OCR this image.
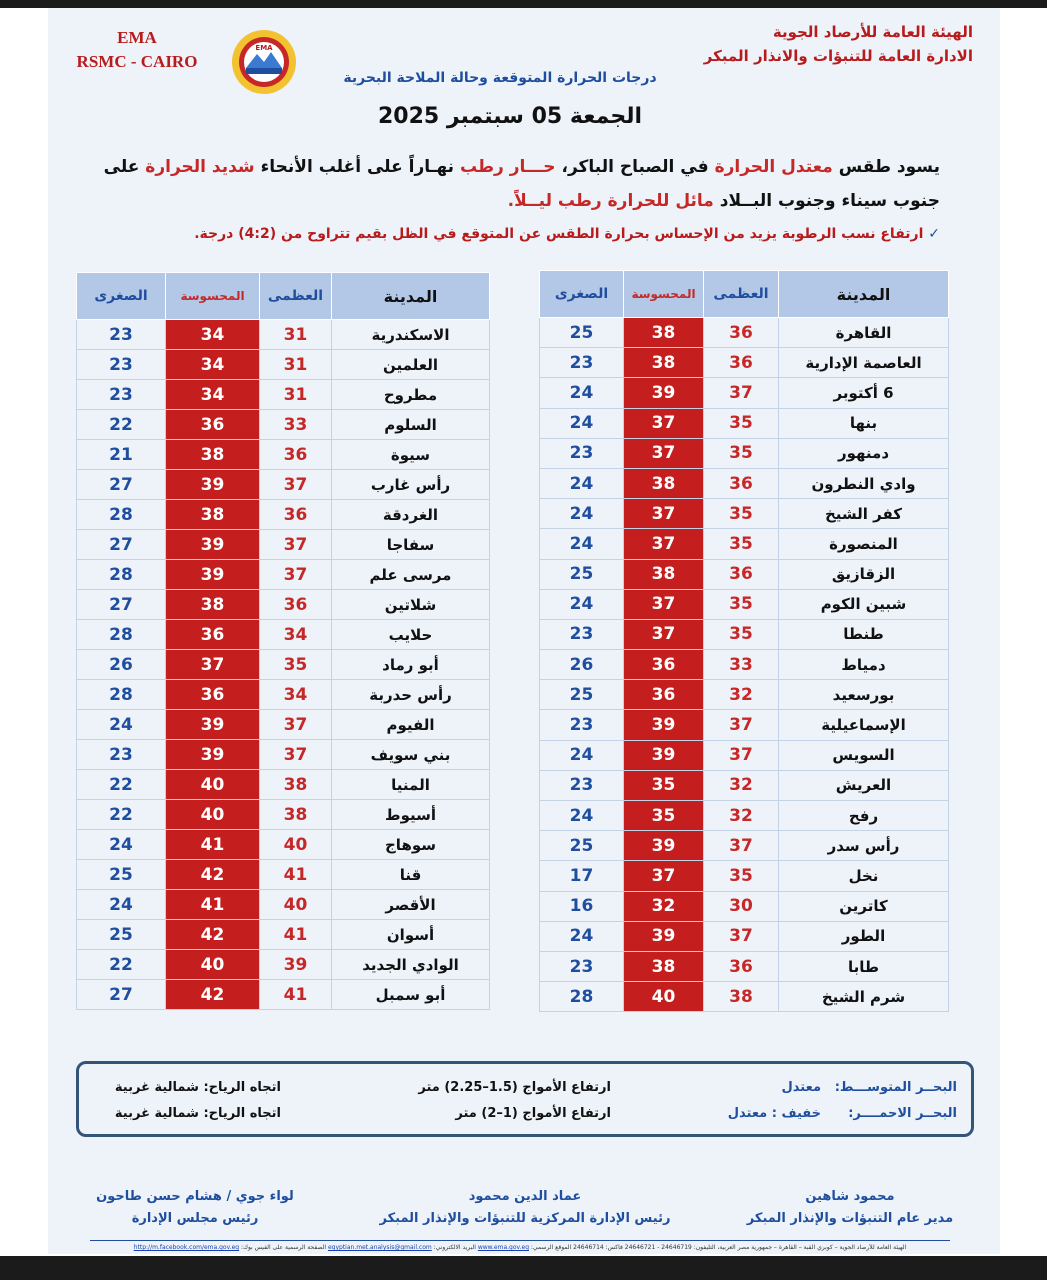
EMA
RSMC - CAIRO
EMA
الهيئة العامة للأرصاد الجوية
الادارة العامة للتنبؤات والانذار المبكر
درجات الحرارة المتوقعة وحالة الملاحة البحرية
الجمعة 05 سبتمبر 2025
يسود طقس معتدل الحرارة في الصباح الباكر، حـــار رطب نهـاراً على أغلب الأنحاء شديد الحرارة على جنوب سيناء وجنوب البــلاد مائل للحرارة رطب ليــلاً.
✓ ارتفاع نسب الرطوبة يزيد من الإحساس بحرارة الطقس عن المتوقع في الظل بقيم تتراوح من (4:2) درجة.
المدينة	العظمى	المحسوسة	الصغرى
القاهرة	36	38	25
العاصمة الإدارية	36	38	23
6 أكتوبر	37	39	24
بنها	35	37	24
دمنهور	35	37	23
وادي النطرون	36	38	24
كفر الشيخ	35	37	24
المنصورة	35	37	24
الزقازيق	36	38	25
شبين الكوم	35	37	24
طنطا	35	37	23
دمياط	33	36	26
بورسعيد	32	36	25
الإسماعيلية	37	39	23
السويس	37	39	24
العريش	32	35	23
رفح	32	35	24
رأس سدر	37	39	25
نخل	35	37	17
كاترين	30	32	16
الطور	37	39	24
طابا	36	38	23
شرم الشيخ	38	40	28
المدينة	العظمى	المحسوسة	الصغرى
الاسكندرية	31	34	23
العلمين	31	34	23
مطروح	31	34	23
السلوم	33	36	22
سيوة	36	38	21
رأس غارب	37	39	27
الغردقة	36	38	28
سفاجا	37	39	27
مرسى علم	37	39	28
شلاتين	36	38	27
حلايب	34	36	28
أبو رماد	35	37	26
رأس حدربة	34	36	28
الفيوم	37	39	24
بني سويف	37	39	23
المنيا	38	40	22
أسيوط	38	40	22
سوهاج	40	41	24
قنا	41	42	25
الأقصر	40	41	24
أسوان	41	42	25
الوادي الجديد	39	40	22
أبو سمبل	41	42	27
البحــر المتوســـط:
معتدل
ارتفاع الأمواج (1.5–2.25) متر
اتجاه الرياح: شمالية غربية
البحــر الاحمــــر:
خفيف : معتدل
ارتفاع الأمواج (1–2) متر
اتجاه الرياح: شمالية غربية
محمود شاهين
مدير عام التنبؤات والإنذار المبكر
عماد الدين محمود
رئيس الإدارة المركزية للتنبؤات والإنذار المبكر
لواء جوي / هشام حسن طاحون
رئيس مجلس الإدارة
الهيئة العامة للأرصاد الجوية – كوبري القبة – القاهرة – جمهورية مصر العربية، التليفون: 24646719 - 24646721 فاكس: 24646714 الموقع الرسمي: www.ema.gov.eg البريد الالكتروني: egyptian.met.analysis@gmail.com الصفحة الرسمية على الفيس بوك: http://m.facebook.com/ema.gov.eg
